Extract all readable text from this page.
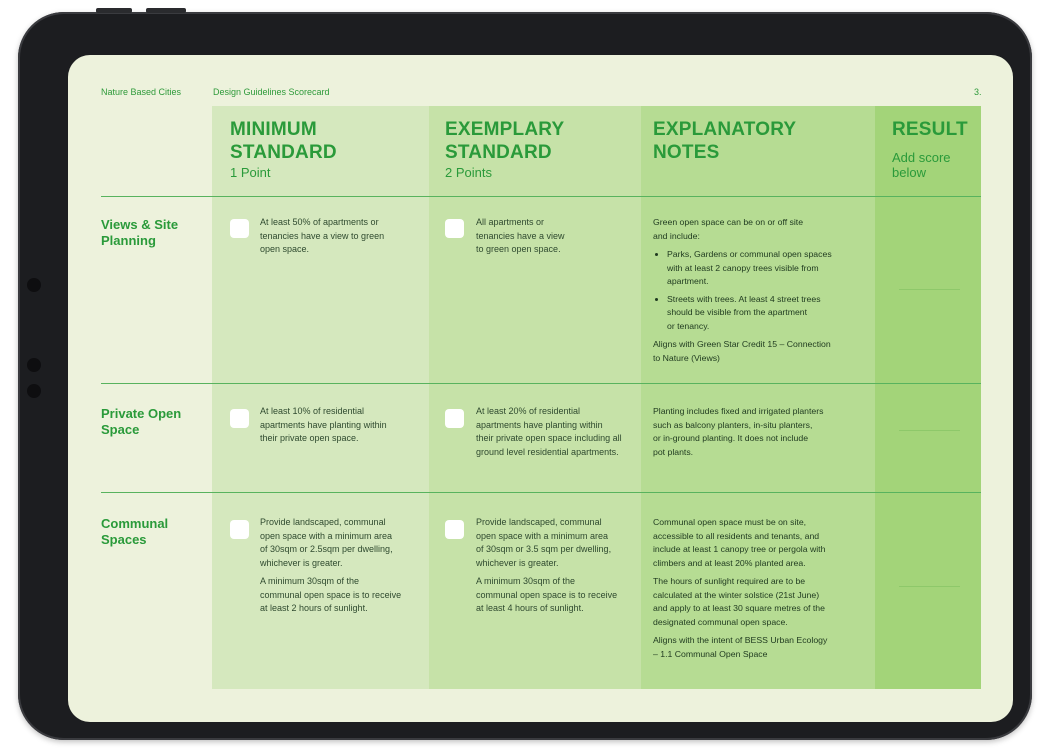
Nature Based Cities	Design Guidelines Scorecard	3.
MINIMUM
STANDARD
1 Point
EXEMPLARY
STANDARD
2 Points
EXPLANATORY
NOTES
RESULT
Add score
below
Views & Site
Planning
At least 50% of apartments or
tenancies have a view to green
open space.
All apartments or
tenancies have a view
to green open space.

Green open space can be on or off site
and include:

• Parks, Gardens or communal open spaces
with at least 2 canopy trees visible from
apartment.
• Streets with trees. At least 4 street trees
should be visible from the apartment
or tenancy.

Aligns with Green Star Credit 15 – Connection
to Nature (Views)

Private Open
Space
At least 10% of residential
apartments have planting within
their private open space.
At least 20% of residential
apartments have planting within
their private open space including all
ground level residential apartments.
Planting includes fixed and irrigated planters
such as balcony planters, in-situ planters,
or in-ground planting. It does not include
pot plants.
Communal
Spaces

Provide landscaped, communal
open space with a minimum area
of 30sqm or 2.5sqm per dwelling,
whichever is greater.

A minimum 30sqm of the
communal open space is to receive
at least 2 hours of sunlight.

Provide landscaped, communal
open space with a minimum area
of 30sqm or 3.5 sqm per dwelling,
whichever is greater.

A minimum 30sqm of the
communal open space is to receive
at least 4 hours of sunlight.

Communal open space must be on site,
accessible to all residents and tenants, and
include at least 1 canopy tree or pergola with
climbers and at least 20% planted area.

The hours of sunlight required are to be
calculated at the winter solstice (21st June)
and apply to at least 30 square metres of the
designated communal open space.

Aligns with the intent of BESS Urban Ecology
– 1.1 Communal Open Space
